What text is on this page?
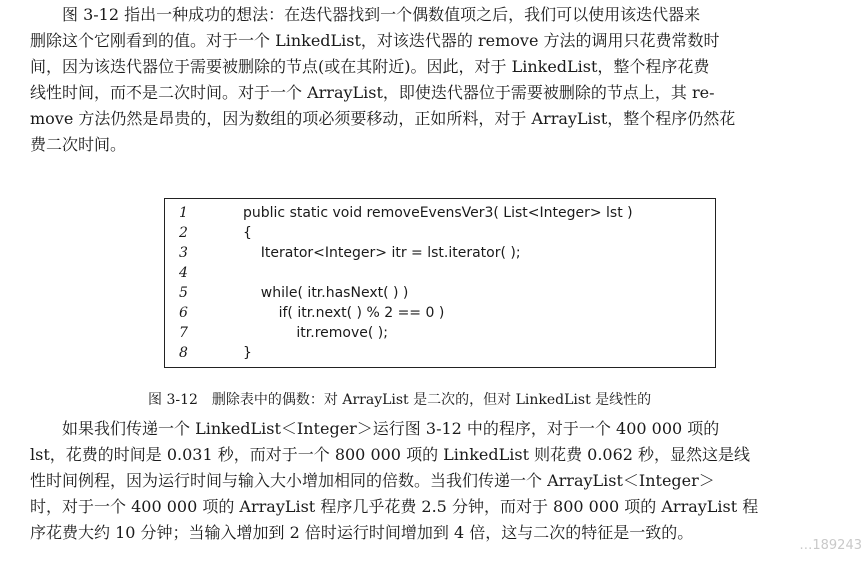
图 3-12 指出一种成功的想法：在迭代器找到一个偶数值项之后，我们可以使用该迭代器来
删除这个它刚看到的值。对于一个 LinkedList，对该迭代器的 remove 方法的调用只花费常数时
间，因为该迭代器位于需要被删除的节点(或在其附近)。因此，对于 LinkedList，整个程序花费
线性时间，而不是二次时间。对于一个 ArrayList，即使迭代器位于需要被删除的节点上，其 re-
move 方法仍然是昂贵的，因为数组的项必须要移动，正如所料，对于 ArrayList，整个程序仍然花
费二次时间。

1	public static void removeEvensVer3( List<Integer> lst )
2	{
3	Iterator<Integer> itr = lst.iterator( );
4
5	while( itr.hasNext( ) )
6	if( itr.next( ) % 2 == 0 )
7	itr.remove( );
8	}
图 3-12　删除表中的偶数：对 ArrayList 是二次的，但对 LinkedList 是线性的

如果我们传递一个 LinkedList＜Integer＞运行图 3-12 中的程序，对于一个 400 000 项的
lst，花费的时间是 0.031 秒，而对于一个 800 000 项的 LinkedList 则花费 0.062 秒，显然这是线
性时间例程，因为运行时间与输入大小增加相同的倍数。当我们传递一个 ArrayList＜Integer＞
时，对于一个 400 000 项的 ArrayList 程序几乎花费 2.5 分钟，而对于 800 000 项的 ArrayList 程
序花费大约 10 分钟；当输入增加到 2 倍时运行时间增加到 4 倍，这与二次的特征是一致的。

…189243
